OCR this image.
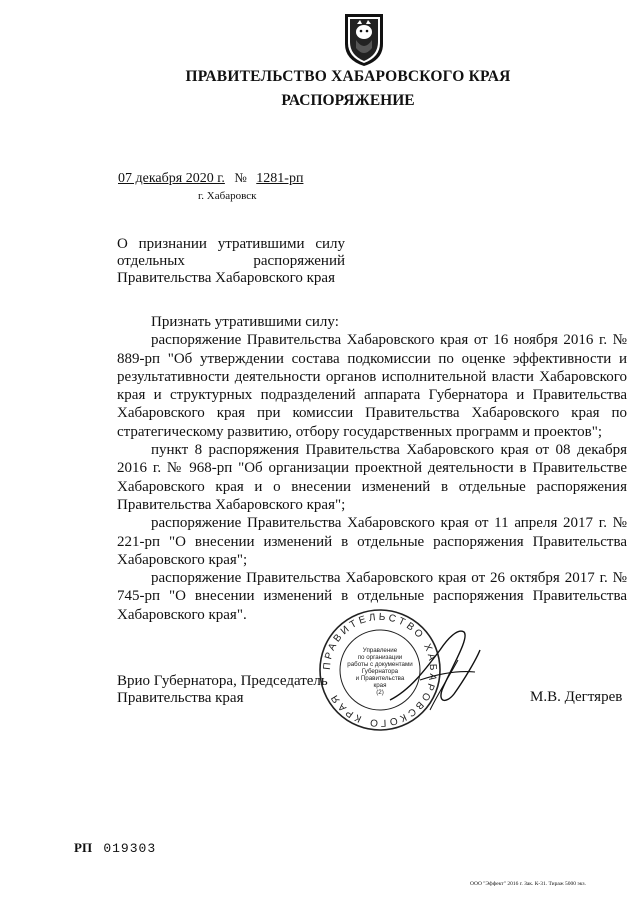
ПРАВИТЕЛЬСТВО ХАБАРОВСКОГО КРАЯ
РАСПОРЯЖЕНИЕ
07 декабря 2020 г. № 1281-рп
г. Хабаровск
О признании утратившими силу отдельных распоряжений Правительства Хабаровского края

Признать утратившими силу:

распоряжение Правительства Хабаровского края от 16 ноября 2016 г. № 889-рп "Об утверждении состава подкомиссии по оценке эффективности и результативности деятельности органов исполнительной власти Хабаровского края и структурных подразделений аппарата Губернатора и Правительства Хабаровского края при комиссии Правительства Хабаровского края по стратегическому развитию, отбору государственных программ и проектов";

пункт 8 распоряжения Правительства Хабаровского края от 08 декабря 2016 г. № 968-рп "Об организации проектной деятельности в Правительстве Хабаровского края и о внесении изменений в отдельные распоряжения Правительства Хабаровского края";

распоряжение Правительства Хабаровского края от 11 апреля 2017 г. № 221-рп "О внесении изменений в отдельные распоряжения Правительства Хабаровского края";

распоряжение Правительства Хабаровского края от 26 октября 2017 г. № 745-рп "О внесении изменений в отдельные распоряжения Правительства Хабаровского края".

Врио Губернатора, Председатель
Правительства края	М.В. Дегтярев
ПРАВИТЕЛЬСТВО ХАБАРОВСКОГО КРАЯ
Управление
по организации
работы с документами
Губернатора
и Правительства
края
(2)
РП 019303
ООО "Эффект" 2016 г. Зак. К-31. Тираж 5000 экз.
